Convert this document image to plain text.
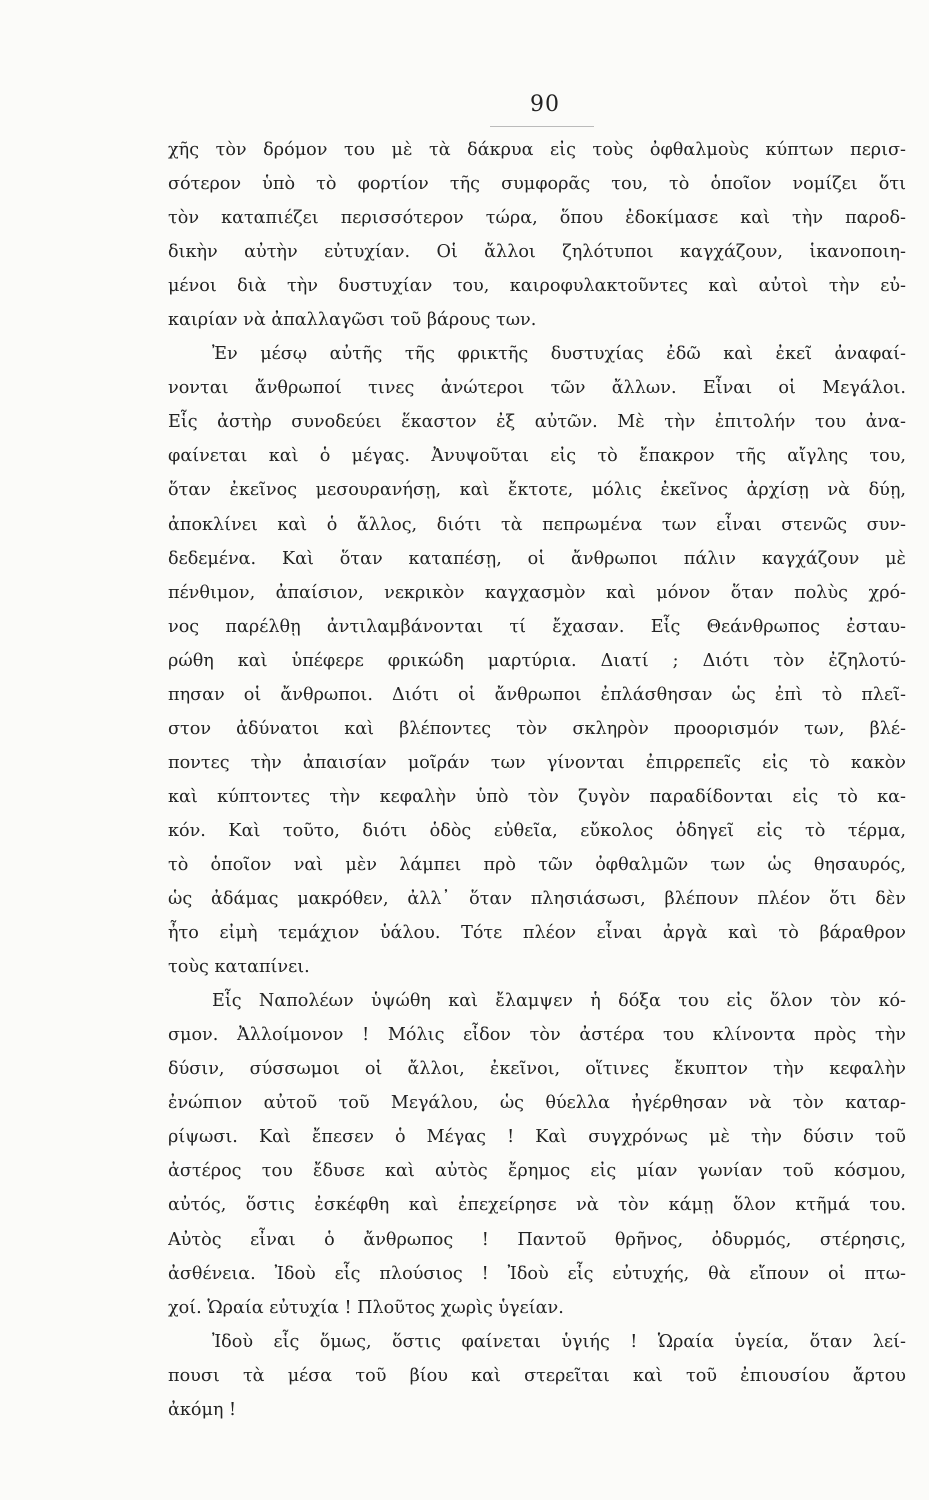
90
χῆς τὸν δρόμον του μὲ τὰ δάκρυα εἰς τοὺς ὀφθαλμοὺς κύπτων περισ-
σότερον ὑπὸ τὸ φορτίον τῆς συμφορᾶς του, τὸ ὁποῖον νομίζει ὅτι
τὸν καταπιέζει περισσότερον τώρα, ὅπου ἐδοκίμασε καὶ τὴν παροδ-
δικὴν αὐτὴν εὐτυχίαν. Οἱ ἄλλοι ζηλότυποι καγχάζουν, ἱκανοποιη-
μένοι διὰ τὴν δυστυχίαν του, καιροφυλακτοῦντες καὶ αὐτοὶ τὴν εὐ-
καιρίαν νὰ ἀπαλλαγῶσι τοῦ βάρους των.
Ἐν μέσῳ αὐτῆς τῆς φρικτῆς δυστυχίας ἐδῶ καὶ ἐκεῖ ἀναφαί-
νονται ἄνθρωποί τινες ἀνώτεροι τῶν ἄλλων. Εἶναι οἱ Μεγάλοι.
Εἷς ἀστὴρ συνοδεύει ἕκαστον ἐξ αὐτῶν. Μὲ τὴν ἐπιτολήν του ἀνα-
φαίνεται καὶ ὁ μέγας. Ἀνυψοῦται εἰς τὸ ἔπακρον τῆς αἴγλης του,
ὅταν ἐκεῖνος μεσουρανήσῃ, καὶ ἔκτοτε, μόλις ἐκεῖνος ἀρχίσῃ νὰ δύῃ,
ἀποκλίνει καὶ ὁ ἄλλος, διότι τὰ πεπρωμένα των εἶναι στενῶς συν-
δεδεμένα. Καὶ ὅταν καταπέσῃ, οἱ ἄνθρωποι πάλιν καγχάζουν μὲ
πένθιμον, ἀπαίσιον, νεκρικὸν καγχασμὸν καὶ μόνον ὅταν πολὺς χρό-
νος παρέλθῃ ἀντιλαμβάνονται τί ἔχασαν. Εἷς Θεάνθρωπος ἐσταυ-
ρώθη καὶ ὑπέφερε φρικώδη μαρτύρια. Διατί ; Διότι τὸν ἐζηλοτύ-
πησαν οἱ ἄνθρωποι. Διότι οἱ ἄνθρωποι ἐπλάσθησαν ὡς ἐπὶ τὸ πλεῖ-
στον ἀδύνατοι καὶ βλέποντες τὸν σκληρὸν προορισμόν των, βλέ-
ποντες τὴν ἀπαισίαν μοῖράν των γίνονται ἐπιρρεπεῖς εἰς τὸ κακὸν
καὶ κύπτοντες τὴν κεφαλὴν ὑπὸ τὸν ζυγὸν παραδίδονται εἰς τὸ κα-
κόν. Καὶ τοῦτο, διότι ὁδὸς εὐθεῖα, εὔκολος ὁδηγεῖ εἰς τὸ τέρμα,
τὸ ὁποῖον ναὶ μὲν λάμπει πρὸ τῶν ὀφθαλμῶν των ὡς θησαυρός,
ὡς ἀδάμας μακρόθεν, ἀλλ᾽ ὅταν πλησιάσωσι, βλέπουν πλέον ὅτι δὲν
ἦτο εἰμὴ τεμάχιον ὑάλου. Τότε πλέον εἶναι ἀργὰ καὶ τὸ βάραθρον
τοὺς καταπίνει.
Εἷς Ναπολέων ὑψώθη καὶ ἔλαμψεν ἡ δόξα του εἰς ὅλον τὸν κό-
σμον. Ἀλλοίμονον ! Μόλις εἶδον τὸν ἀστέρα του κλίνοντα πρὸς τὴν
δύσιν, σύσσωμοι οἱ ἄλλοι, ἐκεῖνοι, οἵτινες ἔκυπτον τὴν κεφαλὴν
ἐνώπιον αὐτοῦ τοῦ Μεγάλου, ὡς θύελλα ἠγέρθησαν νὰ τὸν καταρ-
ρίψωσι. Καὶ ἔπεσεν ὁ Μέγας ! Καὶ συγχρόνως μὲ τὴν δύσιν τοῦ
ἀστέρος του ἔδυσε καὶ αὐτὸς ἔρημος εἰς μίαν γωνίαν τοῦ κόσμου,
αὐτός, ὅστις ἐσκέφθη καὶ ἐπεχείρησε νὰ τὸν κάμῃ ὅλον κτῆμά του.
Αὐτὸς εἶναι ὁ ἄνθρωπος ! Παντοῦ θρῆνος, ὀδυρμός, στέρησις,
ἀσθένεια. Ἰδοὺ εἷς πλούσιος ! Ἰδοὺ εἷς εὐτυχής, θὰ εἴπουν οἱ πτω-
χοί. Ὡραία εὐτυχία ! Πλοῦτος χωρὶς ὑγείαν.
Ἰδοὺ εἷς ὅμως, ὅστις φαίνεται ὑγιής ! Ὡραία ὑγεία, ὅταν λεί-
πουσι τὰ μέσα τοῦ βίου καὶ στερεῖται καὶ τοῦ ἐπιουσίου ἄρτου
ἀκόμη !
